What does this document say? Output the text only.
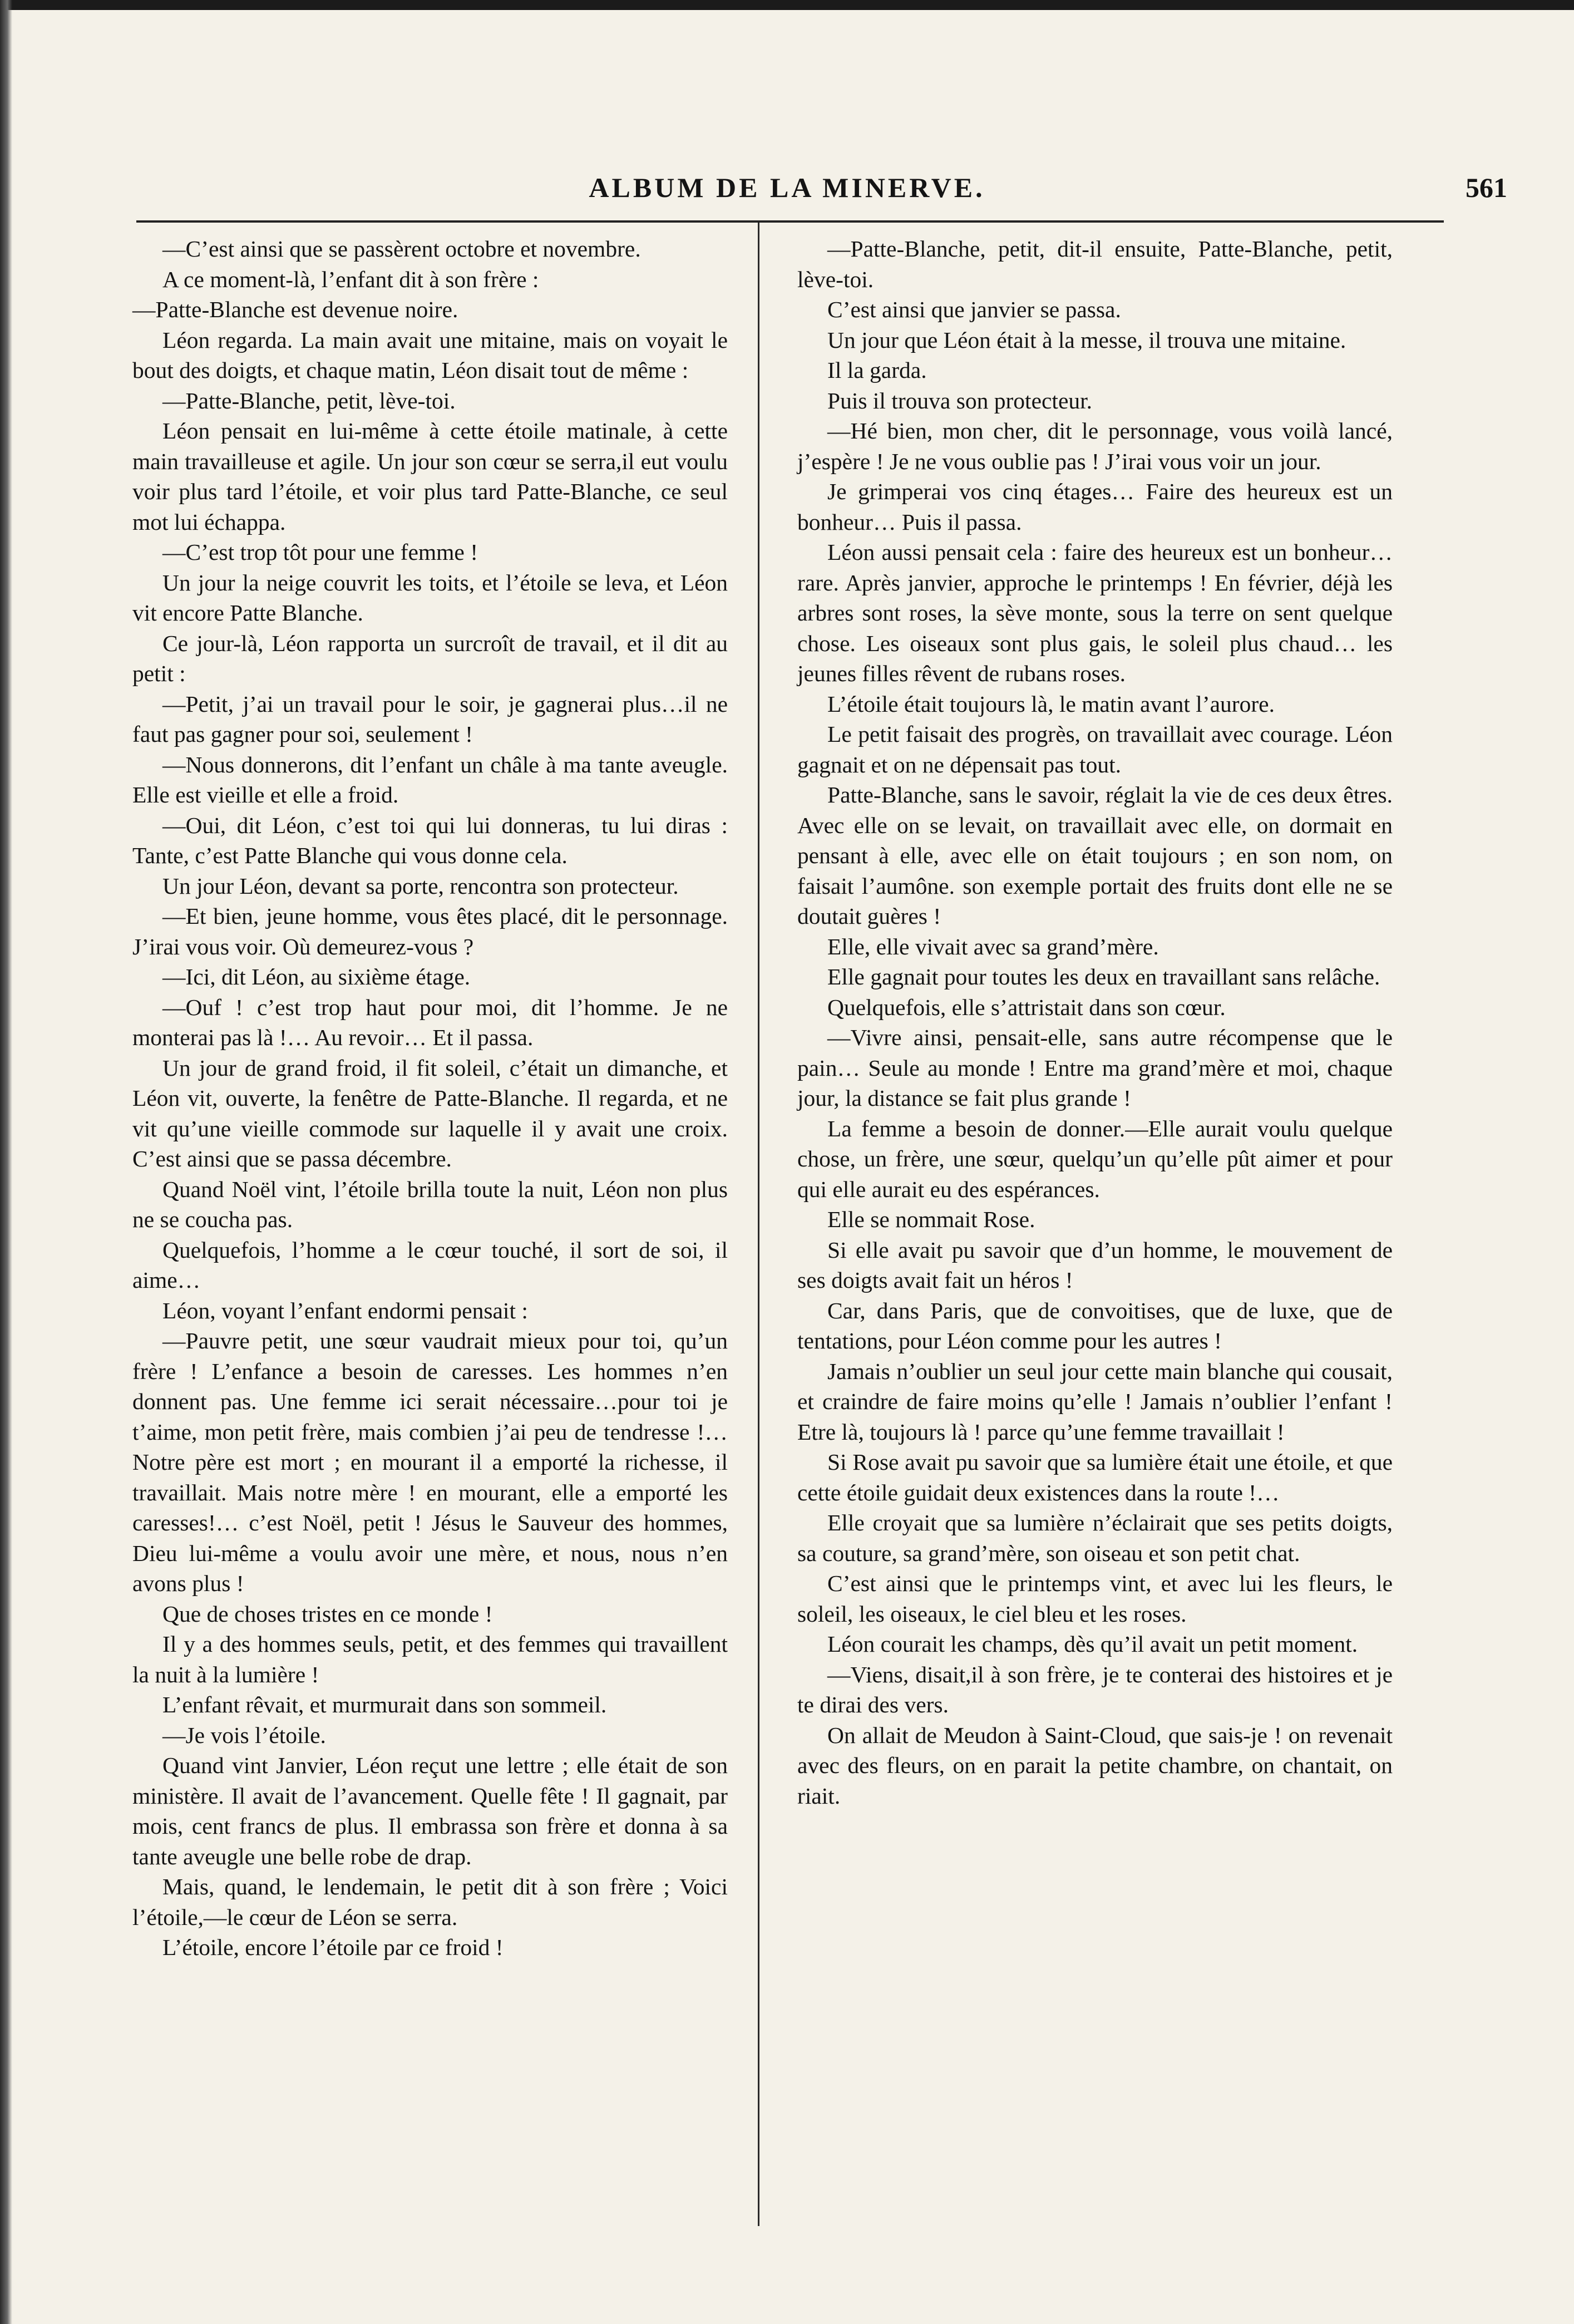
ALBUM DE LA MINERVE.	561

—C’est ainsi que se passèrent octobre et novembre.

A ce moment-là, l’enfant dit à son frère :

—Patte-Blanche est devenue noire.

Léon regarda. La main avait une mitaine, mais on voyait le bout des doigts, et chaque matin, Léon disait tout de même :

—Patte-Blanche, petit, lève-toi.

Léon pensait en lui-même à cette étoile matinale, à cette main travailleuse et agile. Un jour son cœur se serra,il eut voulu voir plus tard l’étoile, et voir plus tard Patte-Blanche, ce seul mot lui échappa.

—C’est trop tôt pour une femme !

Un jour la neige couvrit les toits, et l’étoile se leva, et Léon vit encore Patte Blanche.

Ce jour-là, Léon rapporta un surcroît de travail, et il dit au petit :

—Petit, j’ai un travail pour le soir, je gagnerai plus…il ne faut pas gagner pour soi, seulement !

—Nous donnerons, dit l’enfant un châle à ma tante aveugle. Elle est vieille et elle a froid.

—Oui, dit Léon, c’est toi qui lui donneras, tu lui diras : Tante, c’est Patte Blanche qui vous donne cela.

Un jour Léon, devant sa porte, rencontra son protecteur.

—Et bien, jeune homme, vous êtes placé, dit le personnage. J’irai vous voir. Où demeurez-vous ?

—Ici, dit Léon, au sixième étage.

—Ouf ! c’est trop haut pour moi, dit l’homme. Je ne monterai pas là !… Au revoir… Et il passa.

Un jour de grand froid, il fit soleil, c’était un dimanche, et Léon vit, ouverte, la fenêtre de Patte-Blanche. Il regarda, et ne vit qu’une vieille commode sur laquelle il y avait une croix. C’est ainsi que se passa décembre.

Quand Noël vint, l’étoile brilla toute la nuit, Léon non plus ne se coucha pas.

Quelquefois, l’homme a le cœur touché, il sort de soi, il aime…

Léon, voyant l’enfant endormi pensait :

—Pauvre petit, une sœur vaudrait mieux pour toi, qu’un frère ! L’enfance a besoin de caresses. Les hommes n’en donnent pas. Une femme ici serait nécessaire…pour toi je t’aime, mon petit frère, mais combien j’ai peu de tendresse !… Notre père est mort ; en mourant il a emporté la richesse, il travaillait. Mais notre mère ! en mourant, elle a emporté les caresses!… c’est Noël, petit ! Jésus le Sauveur des hommes, Dieu lui-même a voulu avoir une mère, et nous, nous n’en avons plus !

Que de choses tristes en ce monde !

Il y a des hommes seuls, petit, et des femmes qui travaillent la nuit à la lumière !

L’enfant rêvait, et murmurait dans son sommeil.

—Je vois l’étoile.

Quand vint Janvier, Léon reçut une lettre ; elle était de son ministère. Il avait de l’avancement. Quelle fête ! Il gagnait, par mois, cent francs de plus. Il embrassa son frère et donna à sa tante aveugle une belle robe de drap.

Mais, quand, le lendemain, le petit dit à son frère ; Voici l’étoile,—le cœur de Léon se serra.

L’étoile, encore l’étoile par ce froid !

—Patte-Blanche, petit, dit-il ensuite, Patte-Blanche, petit, lève-toi.

C’est ainsi que janvier se passa.

Un jour que Léon était à la messe, il trouva une mitaine.

Il la garda.

Puis il trouva son protecteur.

—Hé bien, mon cher, dit le personnage, vous voilà lancé, j’espère ! Je ne vous oublie pas ! J’irai vous voir un jour.

Je grimperai vos cinq étages… Faire des heureux est un bonheur… Puis il passa.

Léon aussi pensait cela : faire des heureux est un bonheur… rare. Après janvier, approche le printemps ! En février, déjà les arbres sont roses, la sève monte, sous la terre on sent quelque chose. Les oiseaux sont plus gais, le soleil plus chaud… les jeunes filles rêvent de rubans roses.

L’étoile était toujours là, le matin avant l’aurore.

Le petit faisait des progrès, on travaillait avec courage. Léon gagnait et on ne dépensait pas tout.

Patte-Blanche, sans le savoir, réglait la vie de ces deux êtres. Avec elle on se levait, on travaillait avec elle, on dormait en pensant à elle, avec elle on était toujours ; en son nom, on faisait l’aumône. son exemple portait des fruits dont elle ne se doutait guères !

Elle, elle vivait avec sa grand’mère.

Elle gagnait pour toutes les deux en travaillant sans relâche.

Quelquefois, elle s’attristait dans son cœur.

—Vivre ainsi, pensait-elle, sans autre récompense que le pain… Seule au monde ! Entre ma grand’mère et moi, chaque jour, la distance se fait plus grande !

La femme a besoin de donner.—Elle aurait voulu quelque chose, un frère, une sœur, quelqu’un qu’elle pût aimer et pour qui elle aurait eu des espérances.

Elle se nommait Rose.

Si elle avait pu savoir que d’un homme, le mouvement de ses doigts avait fait un héros !

Car, dans Paris, que de convoitises, que de luxe, que de tentations, pour Léon comme pour les autres !

Jamais n’oublier un seul jour cette main blanche qui cousait, et craindre de faire moins qu’elle ! Jamais n’oublier l’enfant ! Etre là, toujours là ! parce qu’une femme travaillait !

Si Rose avait pu savoir que sa lumière était une étoile, et que cette étoile guidait deux existences dans la route !…

Elle croyait que sa lumière n’éclairait que ses petits doigts, sa couture, sa grand’mère, son oiseau et son petit chat.

C’est ainsi que le printemps vint, et avec lui les fleurs, le soleil, les oiseaux, le ciel bleu et les roses.

Léon courait les champs, dès qu’il avait un petit moment.

—Viens, disait,il à son frère, je te conterai des histoires et je te dirai des vers.

On allait de Meudon à Saint-Cloud, que sais-je ! on revenait avec des fleurs, on en parait la petite chambre, on chantait, on riait.
